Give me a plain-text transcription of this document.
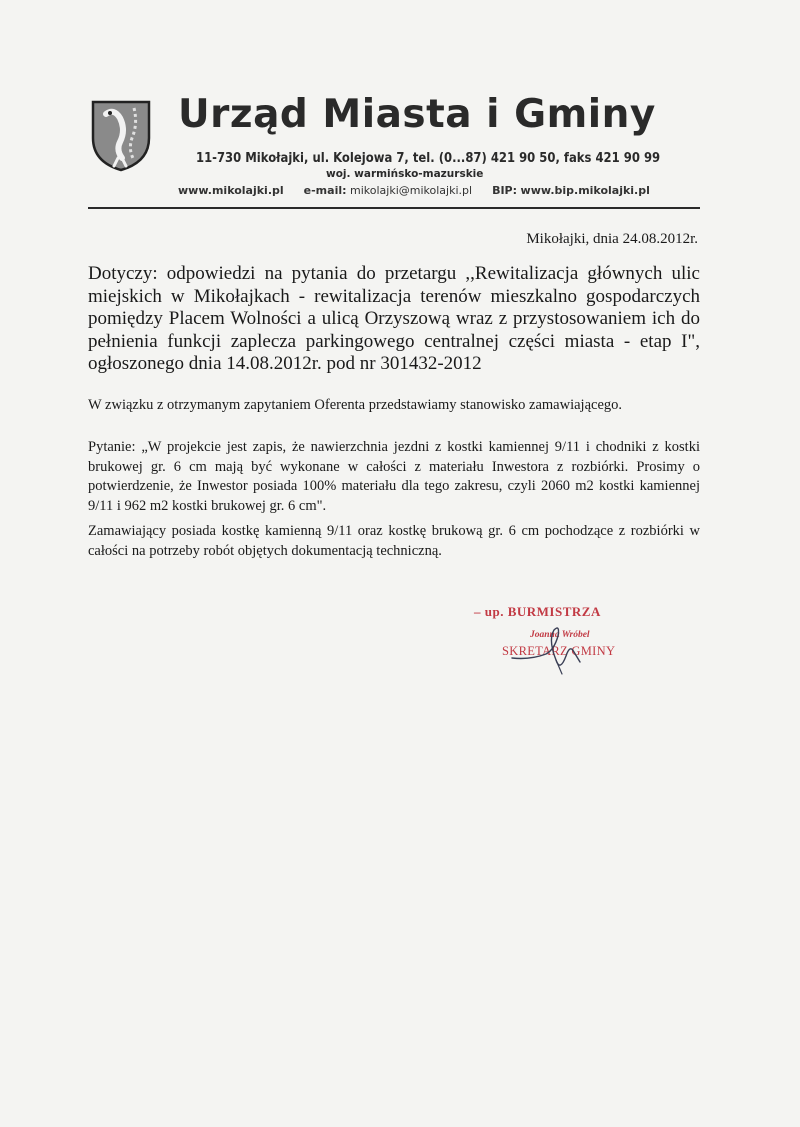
Urząd Miasta i Gminy
11-730 Mikołajki, ul. Kolejowa 7, tel. (0...87) 421 90 50, faks 421 90 99
woj. warmińsko-mazurskie
www.mikolajki.pl e-mail: mikolajki@mikolajki.pl BIP: www.bip.mikolajki.pl
Mikołajki, dnia 24.08.2012r.
Dotyczy: odpowiedzi na pytania do przetargu ,,Rewitalizacja głównych ulic miejskich w Mikołajkach - rewitalizacja terenów mieszkalno gospodarczych pomiędzy Placem Wolności a ulicą Orzyszową wraz z przystosowaniem ich do pełnienia funkcji zaplecza parkingowego centralnej części miasta - etap I", ogłoszonego dnia 14.08.2012r. pod nr 301432-2012
W związku z otrzymanym zapytaniem Oferenta przedstawiamy stanowisko zamawiającego.
Pytanie: „W projekcie jest zapis, że nawierzchnia jezdni z kostki kamiennej 9/11 i chodniki z kostki brukowej gr. 6 cm mają być wykonane w całości z materiału Inwestora z rozbiórki. Prosimy o potwierdzenie, że Inwestor posiada 100% materiału dla tego zakresu, czyli 2060 m2 kostki kamiennej 9/11 i 962 m2 kostki brukowej gr. 6 cm".
Zamawiający posiada kostkę kamienną 9/11 oraz kostkę brukową gr. 6 cm pochodzące z rozbiórki w całości na potrzeby robót objętych dokumentacją techniczną.
– up. BURMISTRZA
Joanna Wróbel
SKRETARZ GMINY
